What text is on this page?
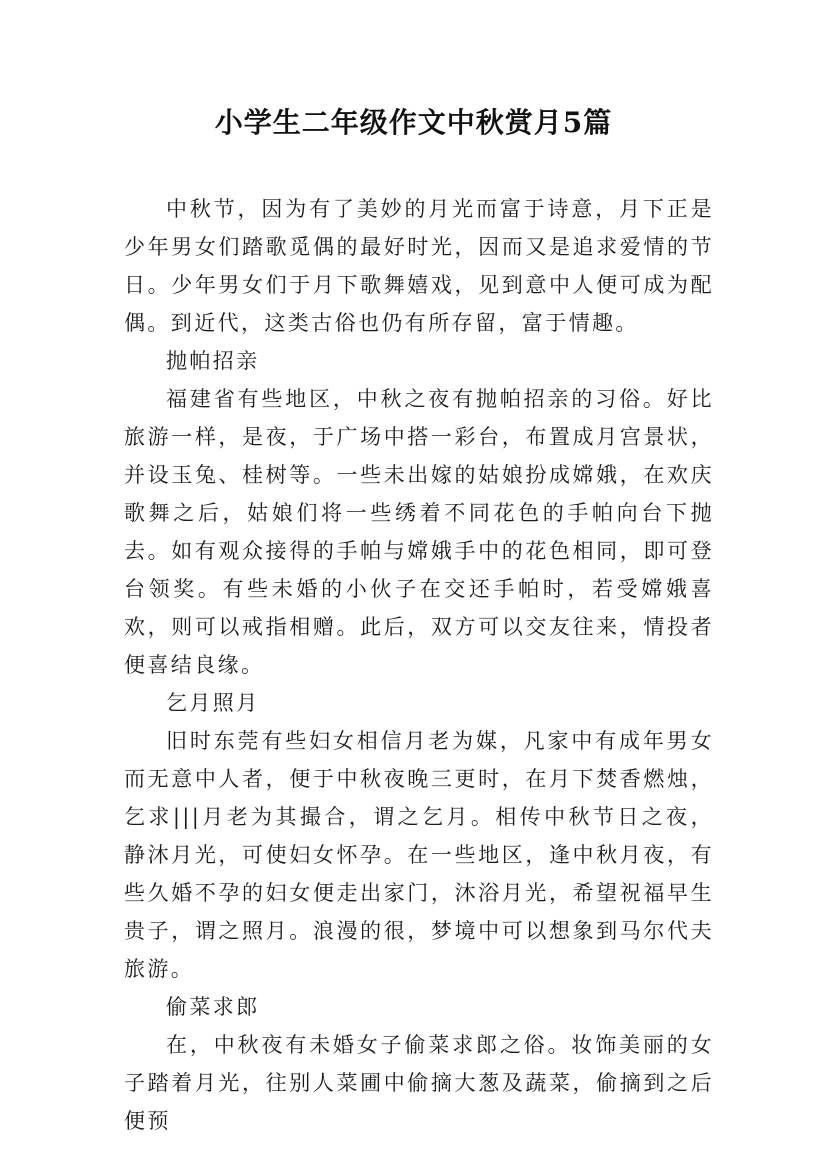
小学生二年级作文中秋赏月5篇

中秋节，因为有了美妙的月光而富于诗意，月下正是少年男女们踏歌觅偶的最好时光，因而又是追求爱情的节日。少年男女们于月下歌舞嬉戏，见到意中人便可成为配偶。到近代，这类古俗也仍有所存留，富于情趣。

抛帕招亲

福建省有些地区，中秋之夜有抛帕招亲的习俗。好比旅游一样，是夜，于广场中搭一彩台，布置成月宫景状，并设玉兔、桂树等。一些未出嫁的姑娘扮成嫦娥，在欢庆歌舞之后，姑娘们将一些绣着不同花色的手帕向台下抛去。如有观众接得的手帕与嫦娥手中的花色相同，即可登台领奖。有些未婚的小伙子在交还手帕时，若受嫦娥喜欢，则可以戒指相赠。此后，双方可以交友往来，情投者便喜结良缘。

乞月照月

旧时东莞有些妇女相信月老为媒，凡家中有成年男女而无意中人者，便于中秋夜晚三更时，在月下焚香燃烛，乞求|||月老为其撮合，谓之乞月。相传中秋节日之夜，静沐月光，可使妇女怀孕。在一些地区，逢中秋月夜，有些久婚不孕的妇女便走出家门，沐浴月光，希望祝福早生贵子，谓之照月。浪漫的很，梦境中可以想象到马尔代夫旅游。

偷菜求郎

在，中秋夜有未婚女子偷菜求郎之俗。妆饰美丽的女子踏着月光，往别人菜圃中偷摘大葱及蔬菜，偷摘到之后便预
